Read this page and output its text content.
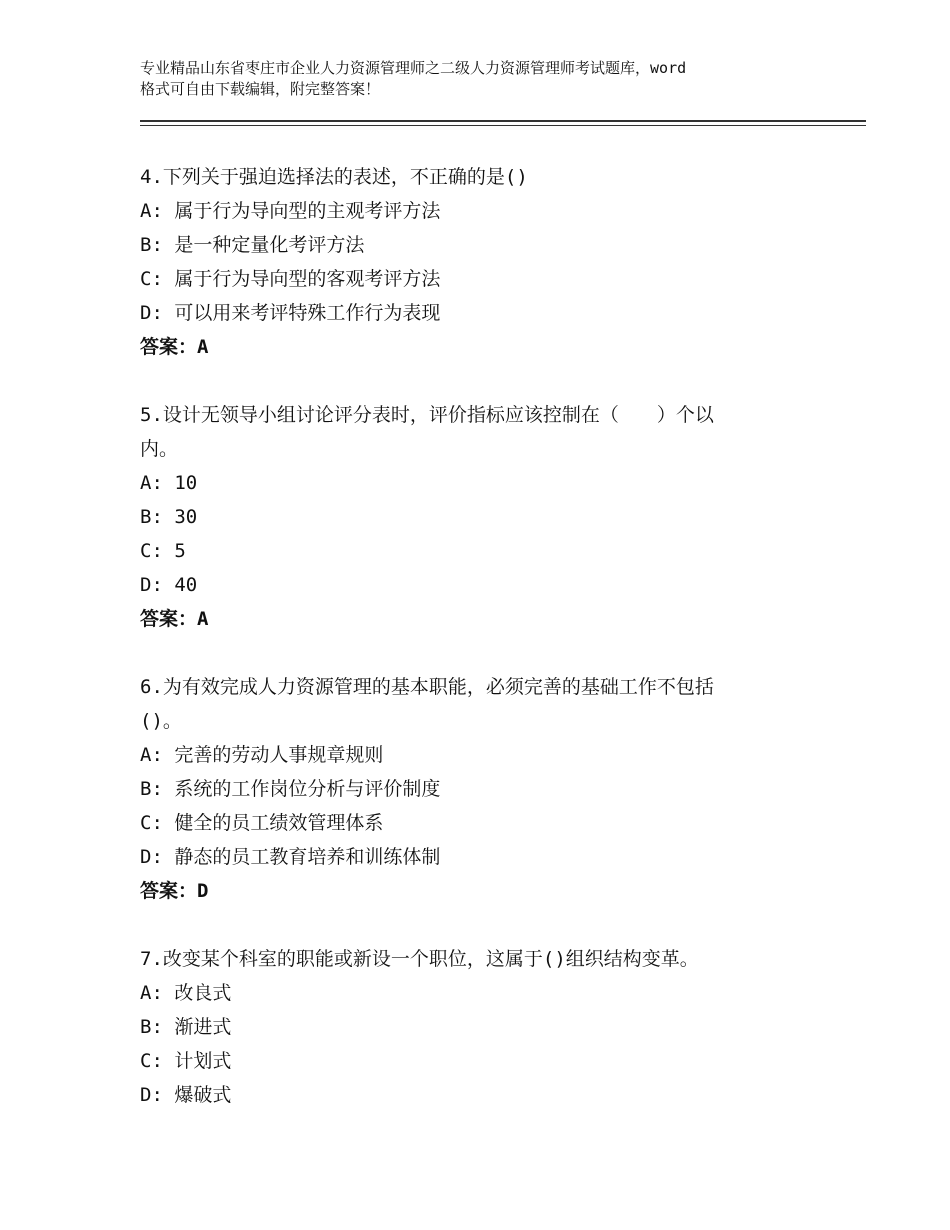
专业精品山东省枣庄市企业人力资源管理师之二级人力资源管理师考试题库，word
格式可自由下载编辑，附完整答案！

4.下列关于强迫选择法的表述，不正确的是()

A: 属于行为导向型的主观考评方法

B: 是一种定量化考评方法

C: 属于行为导向型的客观考评方法

D: 可以用来考评特殊工作行为表现

答案：A

5.设计无领导小组讨论评分表时，评价指标应该控制在（　　）个以

内。

A: 10

B: 30

C: 5

D: 40

答案：A

6.为有效完成人力资源管理的基本职能，必须完善的基础工作不包括

()。

A: 完善的劳动人事规章规则

B: 系统的工作岗位分析与评价制度

C: 健全的员工绩效管理体系

D: 静态的员工教育培养和训练体制

答案：D

7.改变某个科室的职能或新设一个职位，这属于()组织结构变革。

A: 改良式

B: 渐进式

C: 计划式

D: 爆破式
